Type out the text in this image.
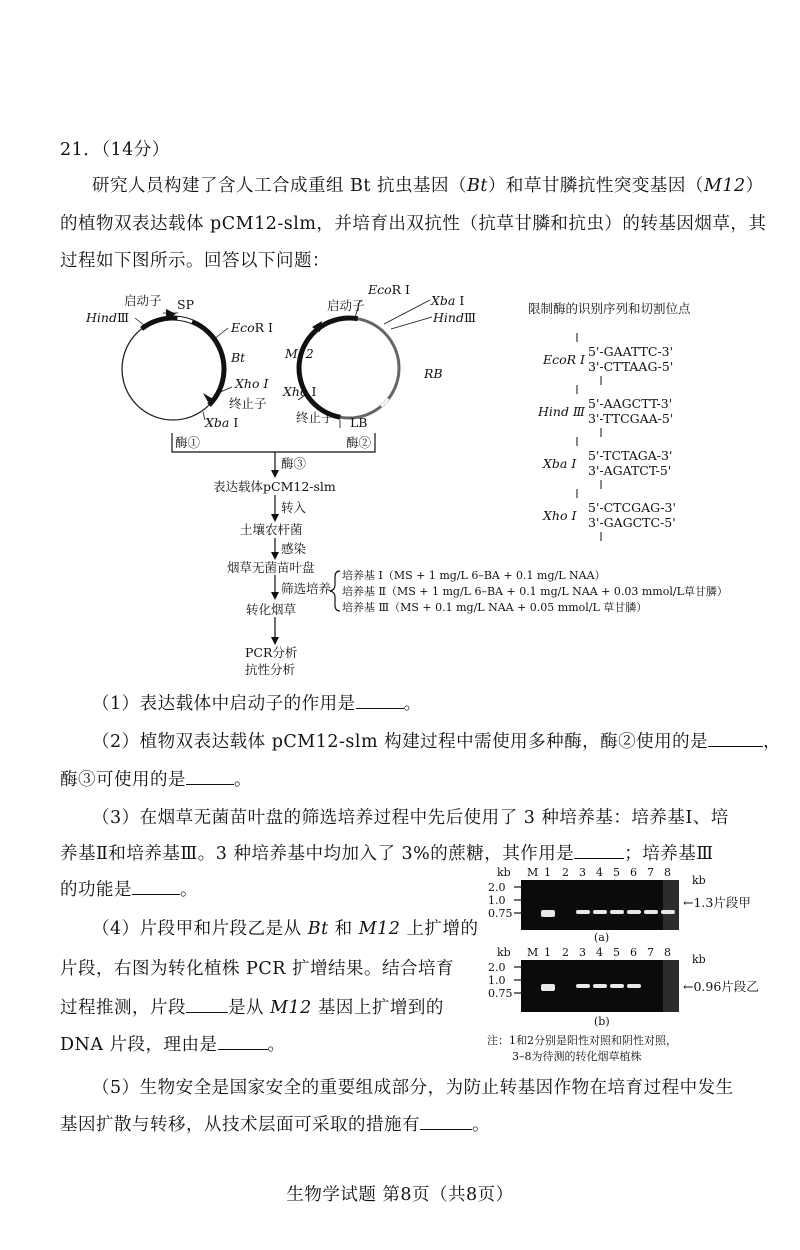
21．（14分）
研究人员构建了含人工合成重组 Bt 抗虫基因（Bt）和草甘膦抗性突变基因（M12）
的植物双表达载体 pCM12-slm，并培育出双抗性（抗草甘膦和抗虫）的转基因烟草，其
过程如下图所示。回答以下问题：
启动子 SP
HindⅢ
EcoR Ⅰ
Bt
Xho Ⅰ
终止子
Xba Ⅰ
酶①
启动子
EcoR Ⅰ
Xba Ⅰ
HindⅢ
M12
RB
Xho Ⅰ
终止子 LB
酶②
酶③
表达载体pCM12-slm
转入
土壤农杆菌
感染
烟草无菌苗叶盘
筛选培养
转化烟草
PCR分析
抗性分析
培养基 Ⅰ（MS + 1 mg/L 6–BA + 0.1 mg/L NAA）
培养基 Ⅱ（MS + 1 mg/L 6–BA + 0.1 mg/L NAA + 0.03 mmol/L草甘膦）
培养基 Ⅲ（MS + 0.1 mg/L NAA + 0.05 mmol/L 草甘膦）
限制酶的识别序列和切割位点
EcoR Ⅰ
5'-GAATTC-3'
3'-CTTAAG-5'
Hind Ⅲ
5'-AAGCTT-3'
3'-TTCGAA-5'
Xba Ⅰ
5'-TCTAGA-3'
3'-AGATCT-5'
Xho Ⅰ
5'-CTCGAG-3'
3'-GAGCTC-5'
M 1 2 3 4 5 6 7 8
kb
kb
2.0
1.0
0.75
←1.3片段甲
(a)
M 1 2 3 4 5 6 7 8
kb
kb
2.0
1.0
0.75	←0.96片段乙
(b)
注：1和2分别是阳性对照和阴性对照，
3–8为待测的转化烟草植株
（1）表达载体中启动子的作用是	。
（2）植物双表达载体 pCM12-slm 构建过程中需使用多种酶，酶②使用的是	，
酶③可使用的是	。
（3）在烟草无菌苗叶盘的筛选培养过程中先后使用了 3 种培养基：培养基Ⅰ、培
养基Ⅱ和培养基Ⅲ。3 种培养基中均加入了 3%的蔗糖，其作用是	；培养基Ⅲ
的功能是	。
（4）片段甲和片段乙是从 Bt 和 M12 上扩增的
片段，右图为转化植株 PCR 扩增结果。结合培育
过程推测，片段 是从 M12 基因上扩增到的
DNA 片段，理由是	。
（5）生物安全是国家安全的重要组成部分，为防止转基因作物在培育过程中发生
基因扩散与转移，从技术层面可采取的措施有	。
生物学试题 第8页（共8页）
